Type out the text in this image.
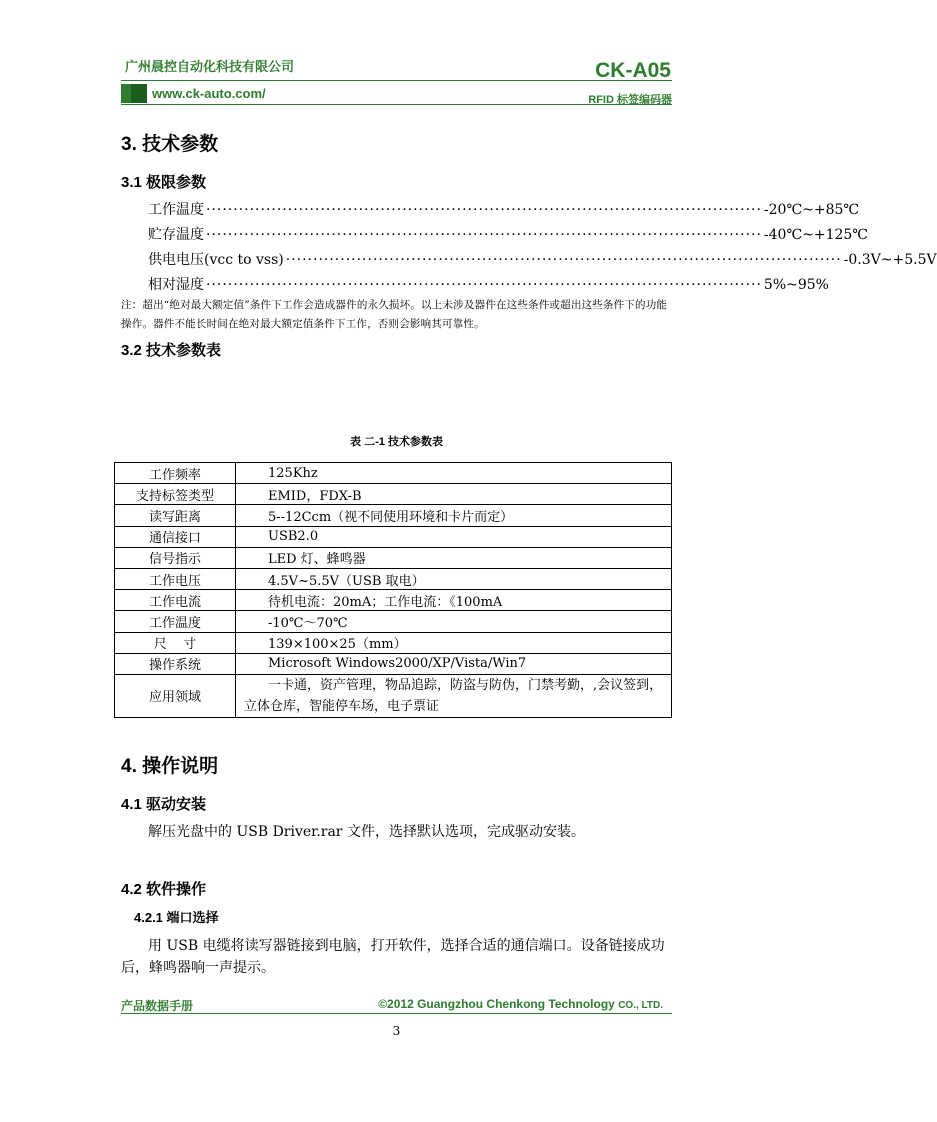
广州晨控自动化科技有限公司	CK-A05
www.ck-auto.com/	RFID 标签编码器
3. 技术参数
3.1 极限参数
工作温度 ······································································································ -20℃~+85℃
贮存温度 ······································································································ -40℃~+125℃
供电电压(vcc to vss) ······································································································ -0.3V~+5.5V
相对湿度 ······································································································ 5%~95%
注：超出“绝对最大额定值”条件下工作会造成器件的永久损坏。以上未涉及器件在这些条件或超出这些条件下的功能操作。器件不能长时间在绝对最大额定值条件下工作，否则会影响其可靠性。
3.2 技术参数表
表 二-1 技术参数表
工作频率	125Khz
支持标签类型	EMID，FDX-B
读写距离	5--12Ccm（视不同使用环境和卡片而定）
通信接口	USB2.0
信号指示	LED 灯、蜂鸣器
工作电压	4.5V~5.5V（USB 取电）
工作电流	待机电流：20mA；工作电流：《100mA
工作温度	-10℃～70℃
尺    寸	139×100×25（mm）
操作系统	Microsoft Windows2000/XP/Vista/Win7
应用领域	一卡通，资产管理，物品追踪，防盗与防伪，门禁考勤，,会议签到，立体仓库，智能停车场，电子票证
4. 操作说明
4.1 驱动安装
解压光盘中的 USB Driver.rar 文件，选择默认选项，完成驱动安装。
4.2 软件操作
4.2.1 端口选择
用 USB 电缆将读写器链接到电脑，打开软件，选择合适的通信端口。设备链接成功后，蜂鸣器响一声提示。
产品数据手册	©2012 Guangzhou Chenkong Technology CO., LTD.
3
